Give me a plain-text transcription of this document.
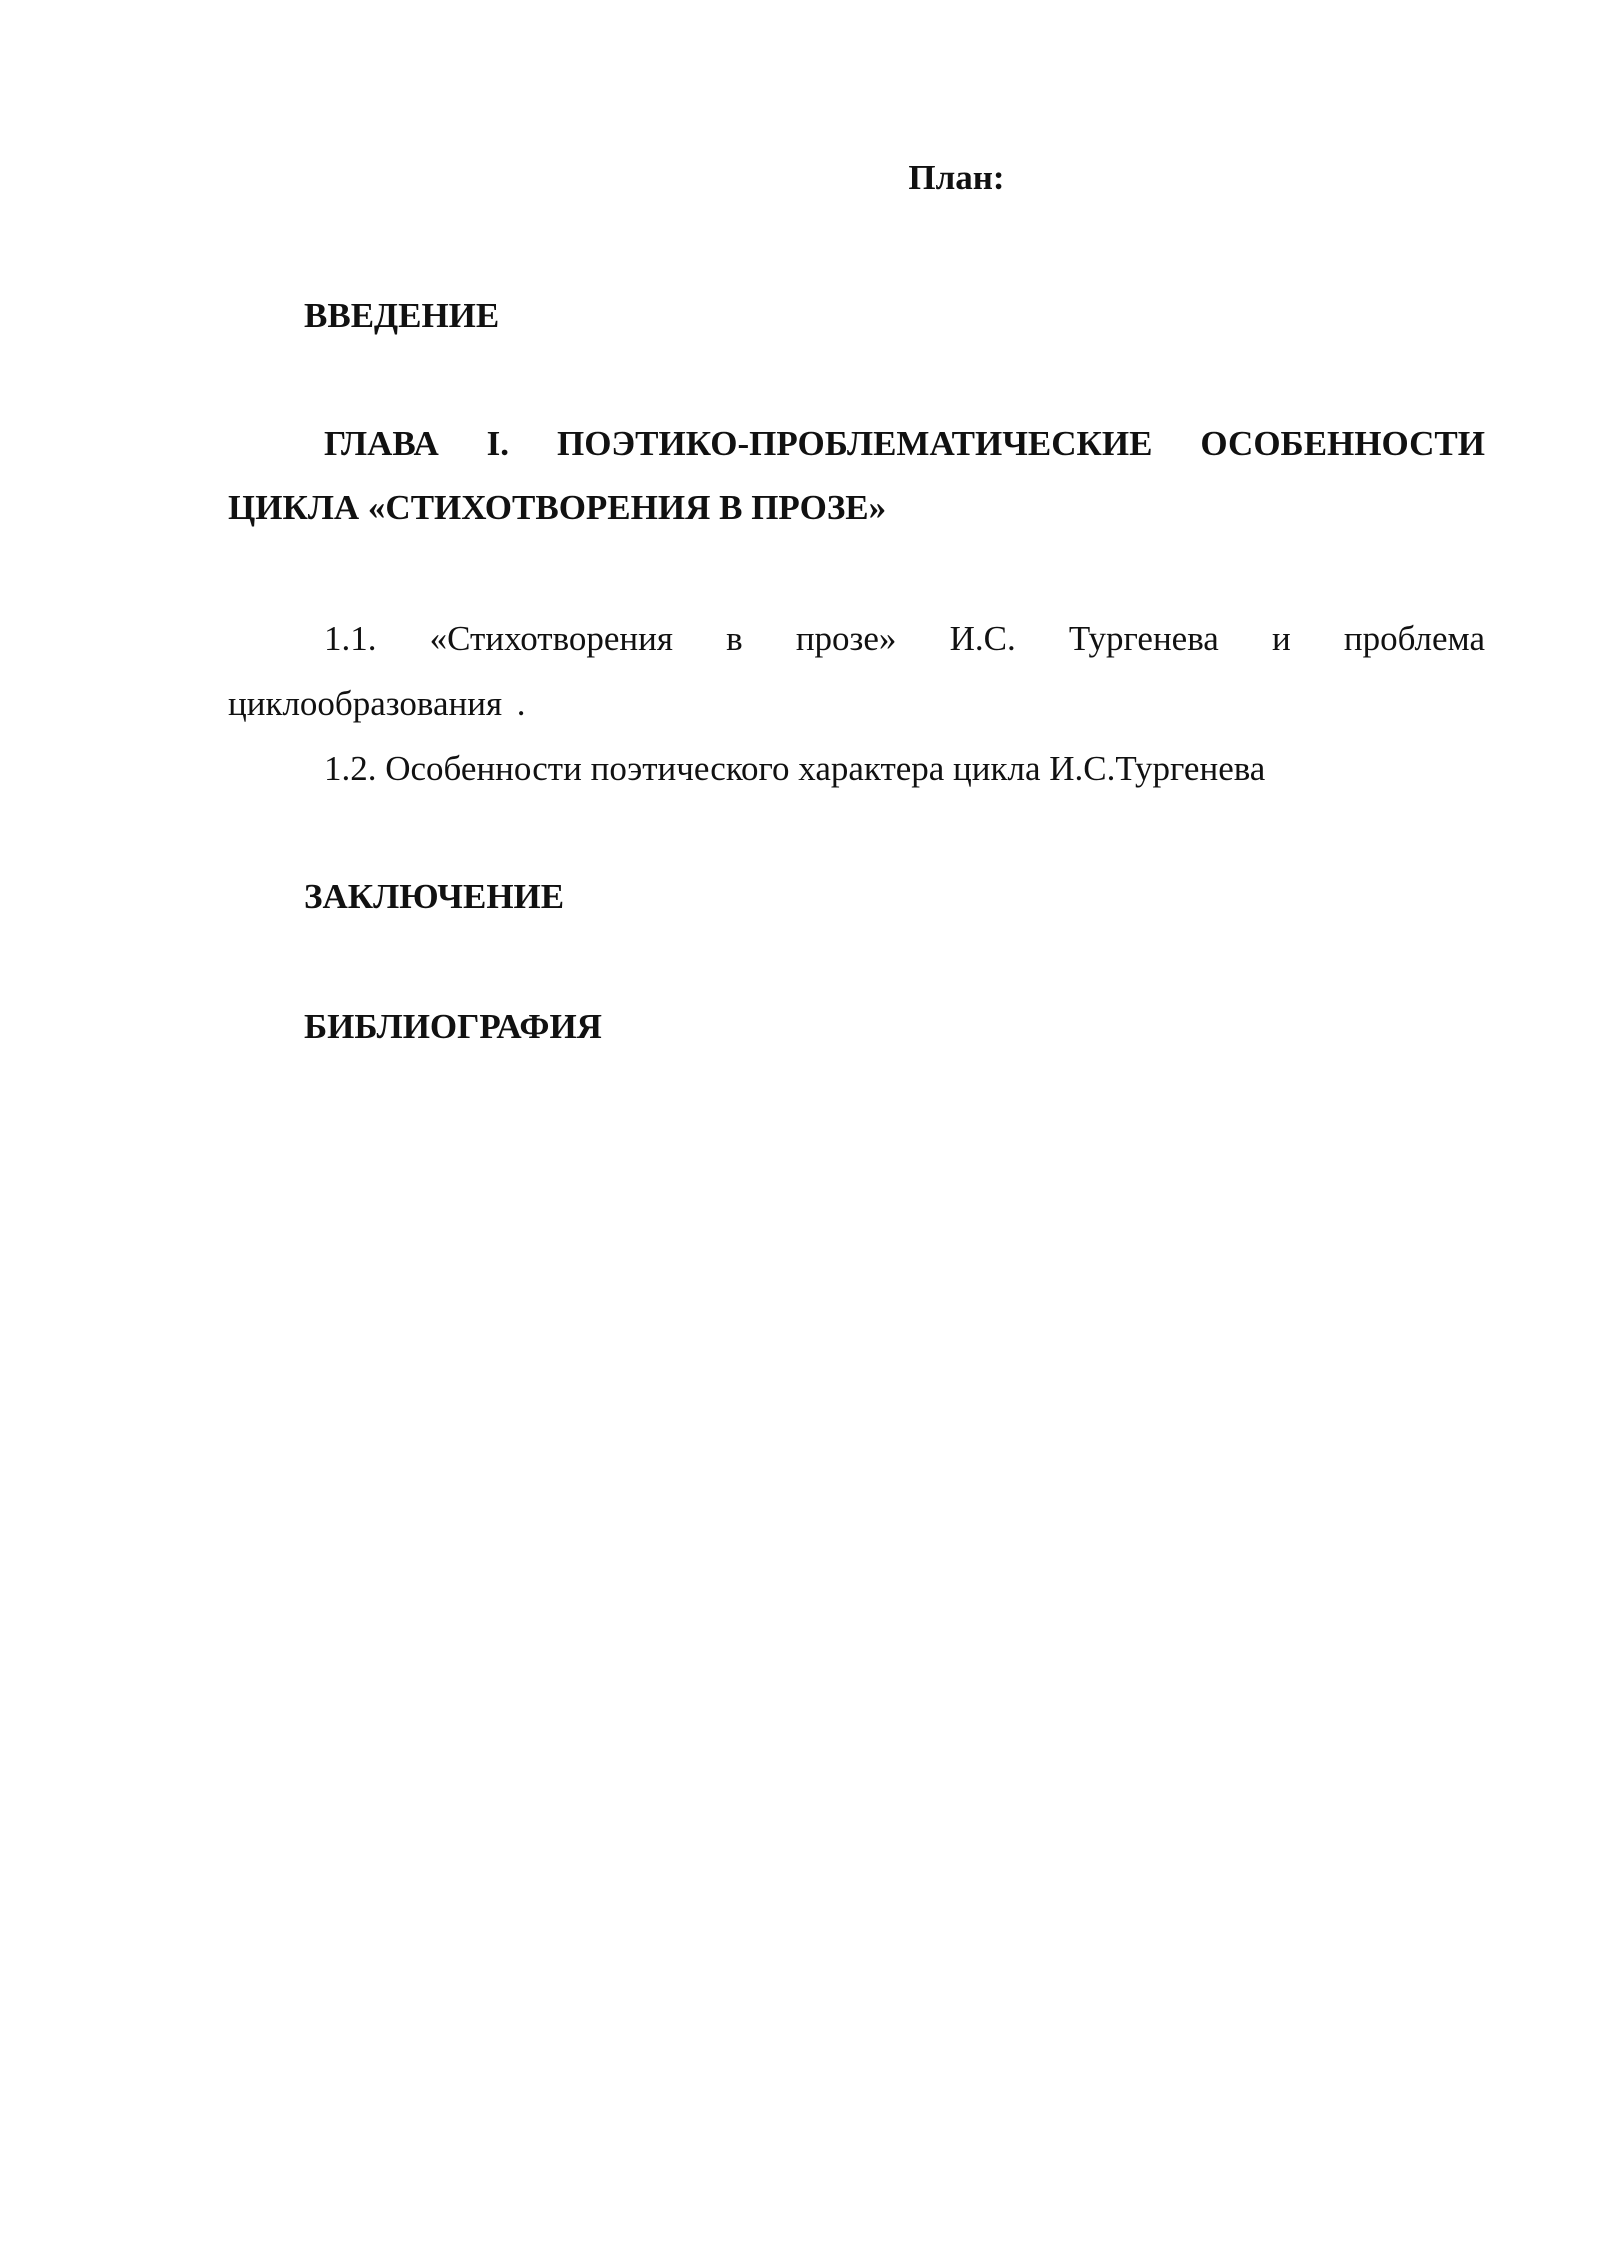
План:

ВВЕДЕНИЕ

ГЛАВА I. ПОЭТИКО-ПРОБЛЕМАТИЧЕСКИЕ ОСОБЕННОСТИ ЦИКЛА «СТИХОТВОРЕНИЯ В ПРОЗЕ»

1.1. «Стихотворения в прозе» И.С. Тургенева и проблема циклообразования .

1.2. Особенности поэтического характера цикла И.С.Тургенева

ЗАКЛЮЧЕНИЕ

БИБЛИОГРАФИЯ
